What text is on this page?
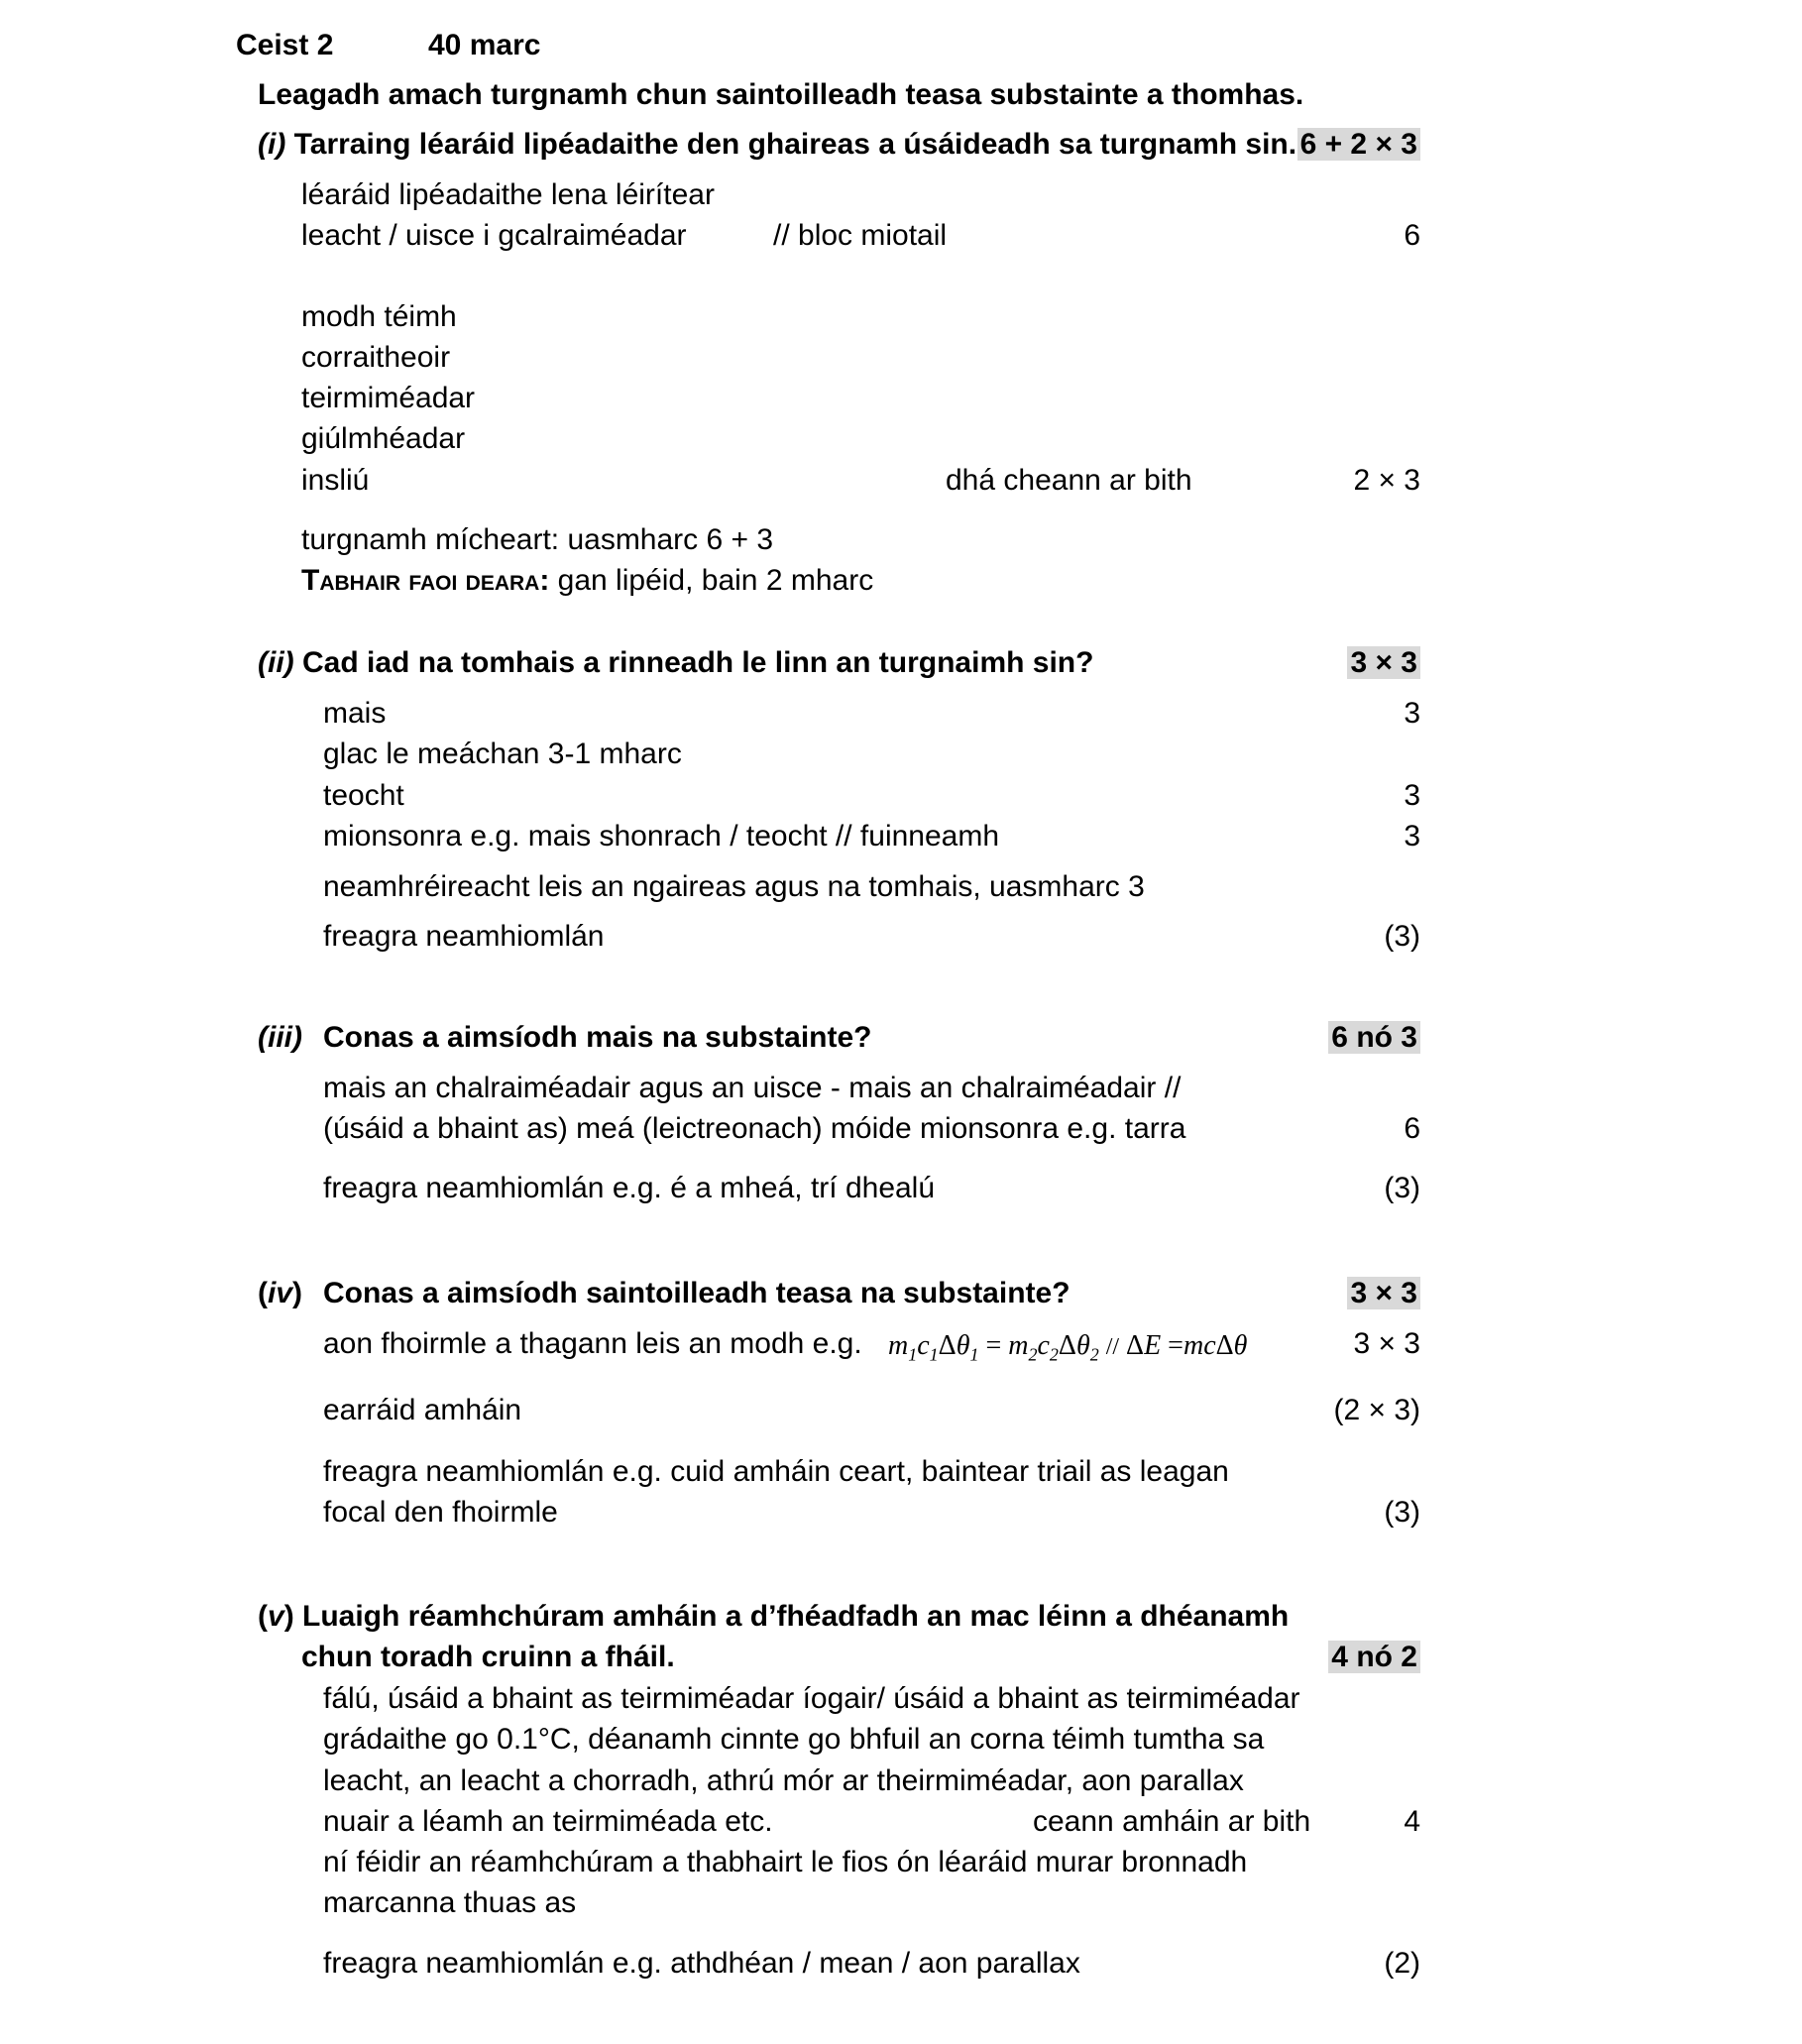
Ceist 2	40 marc
Leagadh amach turgnamh chun saintoilleadh teasa substainte a thomhas.
(i) Tarraing léaráid lipéadaithe den ghaireas a úsáideadh sa turgnamh sin. 6 + 2 × 3
léaráid lipéadaithe lena léirítear
leacht / uisce i gcalraiméadar	// bloc miotail	6
modh téimh
corraitheoir
teirmiméadar
giúlmhéadar
insliú	dhá cheann ar bith	2 × 3
turgnamh mícheart: uasmharc 6 + 3
Tabhair faoi deara: gan lipéid, bain 2 mharc
(ii) Cad iad na tomhais a rinneadh le linn an turgnaimh sin?	3 × 3
mais	3
glac le meáchan 3-1 mharc
teocht	3
mionsonra e.g. mais shonrach / teocht // fuinneamh	3
neamhréireacht leis an ngaireas agus na tomhais, uasmharc 3
freagra neamhiomlán	(3)
(iii) Conas a aimsíodh mais na substainte?	6 nó 3
mais an chalraiméadair agus an uisce - mais an chalraiméadair //
(úsáid a bhaint as) meá (leictreonach) móide mionsonra e.g. tarra	6
freagra neamhiomlán e.g. é a mheá, trí dhealú	(3)
(iv) Conas a aimsíodh saintoilleadh teasa na substainte?	3 × 3
aon fhoirmle a thagann leis an modh e.g. $m_1c_1\Delta\theta_1 = m_2c_2\Delta\theta_2 // \Delta E =mc\Delta\theta$	3 × 3
earráid amháin	(2 × 3)
freagra neamhiomlán e.g. cuid amháin ceart, baintear triail as leagan
focal den fhoirmle	(3)
(v) Luaigh réamhchúram amháin a d’fhéadfadh an mac léinn a dhéanamh
chun toradh cruinn a fháil.	4 nó 2
fálú, úsáid a bhaint as teirmiméadar íogair/ úsáid a bhaint as teirmiméadar
grádaithe go 0.1°C, déanamh cinnte go bhfuil an corna téimh tumtha sa
leacht, an leacht a chorradh, athrú mór ar theirmiméadar, aon parallax
nuair a léamh an teirmiméada etc.	ceann amháin ar bith	4
ní féidir an réamhchúram a thabhairt le fios ón léaráid murar bronnadh
marcanna thuas as
freagra neamhiomlán e.g. athdhéan / mean / aon parallax	(2)
